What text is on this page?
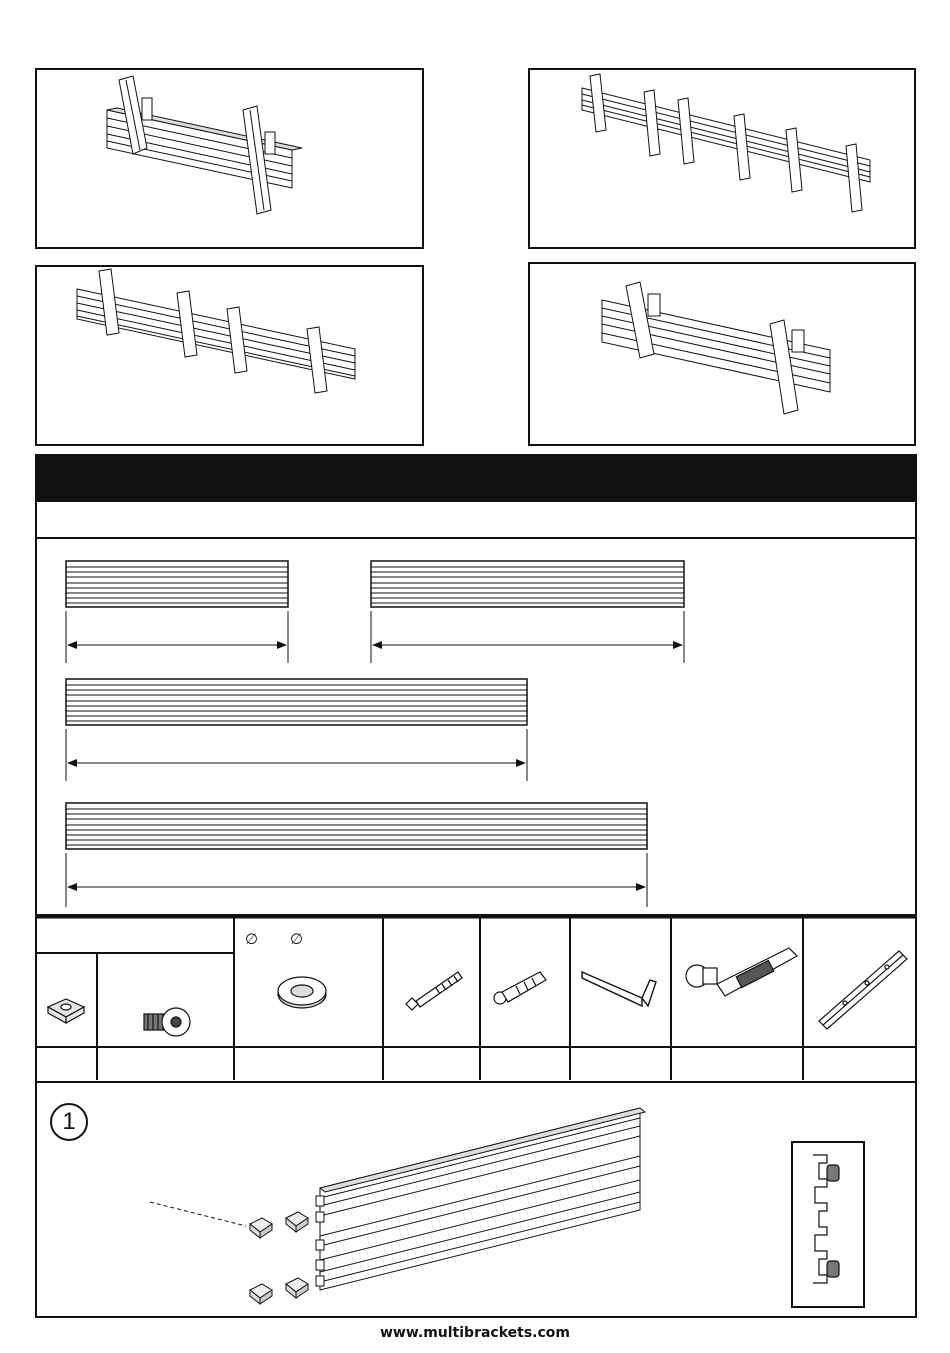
∅ ∅
1
www.multibrackets.com
